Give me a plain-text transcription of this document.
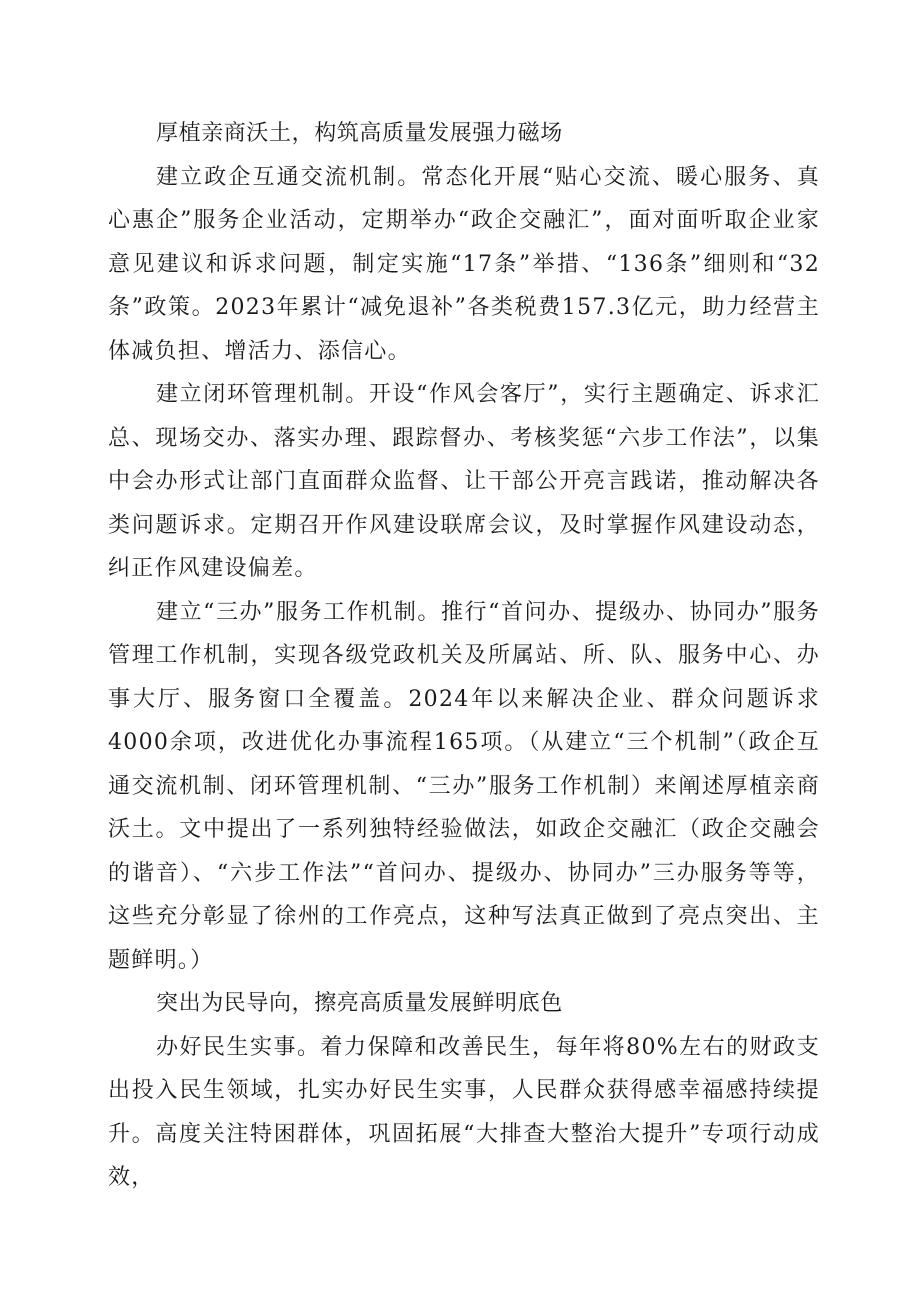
厚植亲商沃土，构筑高质量发展强力磁场

建立政企互通交流机制。常态化开展“贴心交流、暖心服务、真心惠企”服务企业活动，定期举办“政企交融汇”，面对面听取企业家意见建议和诉求问题，制定实施“17条”举措、“136条”细则和“32条”政策。2023年累计“减免退补”各类税费157.3亿元，助力经营主体减负担、增活力、添信心。

建立闭环管理机制。开设“作风会客厅”，实行主题确定、诉求汇总、现场交办、落实办理、跟踪督办、考核奖惩“六步工作法”，以集中会办形式让部门直面群众监督、让干部公开亮言践诺，推动解决各类问题诉求。定期召开作风建设联席会议，及时掌握作风建设动态，纠正作风建设偏差。

建立“三办”服务工作机制。推行“首问办、提级办、协同办”服务管理工作机制，实现各级党政机关及所属站、所、队、服务中心、办事大厅、服务窗口全覆盖。2024年以来解决企业、群众问题诉求4000余项，改进优化办事流程165项。（从建立“三个机制”（政企互通交流机制、闭环管理机制、“三办”服务工作机制）来阐述厚植亲商沃土。文中提出了一系列独特经验做法，如政企交融汇（政企交融会的谐音）、“六步工作法”“首问办、提级办、协同办”三办服务等等，这些充分彰显了徐州的工作亮点，这种写法真正做到了亮点突出、主题鲜明。）

突出为民导向，擦亮高质量发展鲜明底色

办好民生实事。着力保障和改善民生，每年将80%左右的财政支出投入民生领域，扎实办好民生实事，人民群众获得感幸福感持续提升。高度关注特困群体，巩固拓展“大排查大整治大提升”专项行动成效，
